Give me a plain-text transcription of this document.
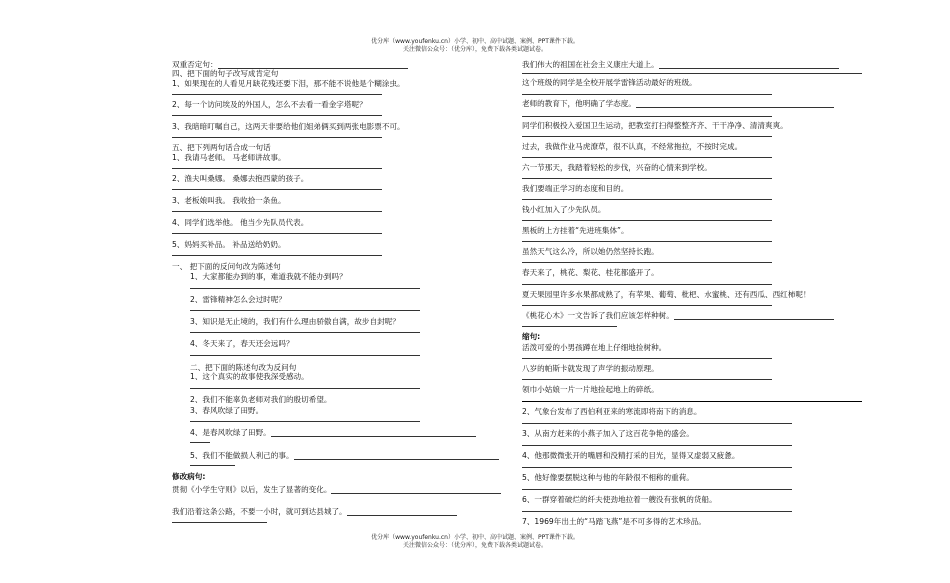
优分库（www.youfenku.cn）小学、初中、高中试题、案例、PPT课件下载。
关注微信公众号：（优分库），免费下载各类试题试卷。
双重否定句：
四、把下面的句子改写成肯定句
1、如果现在的人看见月缺花残还要下泪，那不能不说他是个糊涂虫。
2、每一个访问埃及的外国人，怎么不去看一看金字塔呢？
3、我暗暗叮嘱自己，这两天非要给他们姐弟俩买到两张电影票不可。
五、把下列两句话合成一句话
1、我请马老师。 马老师讲故事。
2、渔夫叫桑娜。 桑娜去抱西蒙的孩子。
3、老板娘叫我。 我收拾一条鱼。
4、同学们选举他。 他当少先队员代表。
5、妈妈买补品。 补品送给奶奶。
一、 把下面的反问句改为陈述句
1、大家都能办到的事，难道我就不能办到吗？
2、雷锋精神怎么会过时呢？
3、知识是无止境的，我们有什么理由骄傲自满，故步自封呢？
4、冬天来了，春天还会远吗？
二、把下面的陈述句改为反问句
1、这个真实的故事使我深受感动。
2、我们不能辜负老师对我们的殷切希望。
3、春风吹绿了田野。
4、是春风吹绿了田野。
5、我们不能做损人利己的事。
修改病句:
贯彻《小学生守则》以后，发生了显著的变化。
我们沿着这条公路，不要一小时，就可到达县城了。
我们伟大的祖国在社会主义康庄大道上。
这个班级的同学是全校开展学雷锋活动最好的班级。
老师的教育下，他明确了学态度。
同学们积极投入爱国卫生运动，把教室打扫得整整齐齐、干干净净、清清爽爽。
过去，我做作业马虎潦草，很不认真，不经常拖拉，不按时完成。
六一节那天，我踏着轻松的步伐，兴奋的心情来到学校。
我们要端正学习的态度和目的。
钱小红加入了少先队员。
黑板的上方挂着“先进班集体”。
虽然天气这么冷，所以她仍然坚持长跑。
春天来了，桃花、梨花、桂花都盛开了。
夏天果园里许多水果都成熟了，有苹果、葡萄、枇杷、水蜜桃、还有西瓜、西红柿呢！
《桃花心木》一文告诉了我们应该怎样种树。
缩句:
活泼可爱的小男孩蹲在地上仔细地捡树种。
八岁的帕斯卡就发现了声学的振动原理。
领巾小姑娘一片一片地捡起地上的碎纸。
2、气象台发布了西伯利亚来的寒流即将南下的消息。
3、从南方赶来的小燕子加入了这百花争艳的盛会。
4、他那微微张开的嘴唇和没精打采的目光，显得又虚弱又疲惫。
5、他好像要摆脱这种与他的年龄很不相称的重荷。
6、一群穿着破烂的纤夫使劲地拉着一艘没有张帆的货船。
7、1969年出土的“马踏飞燕”是不可多得的艺术珍品。
优分库（www.youfenku.cn）小学、初中、高中试题、案例、PPT课件下载。
关注微信公众号：（优分库），免费下载各类试题试卷。
